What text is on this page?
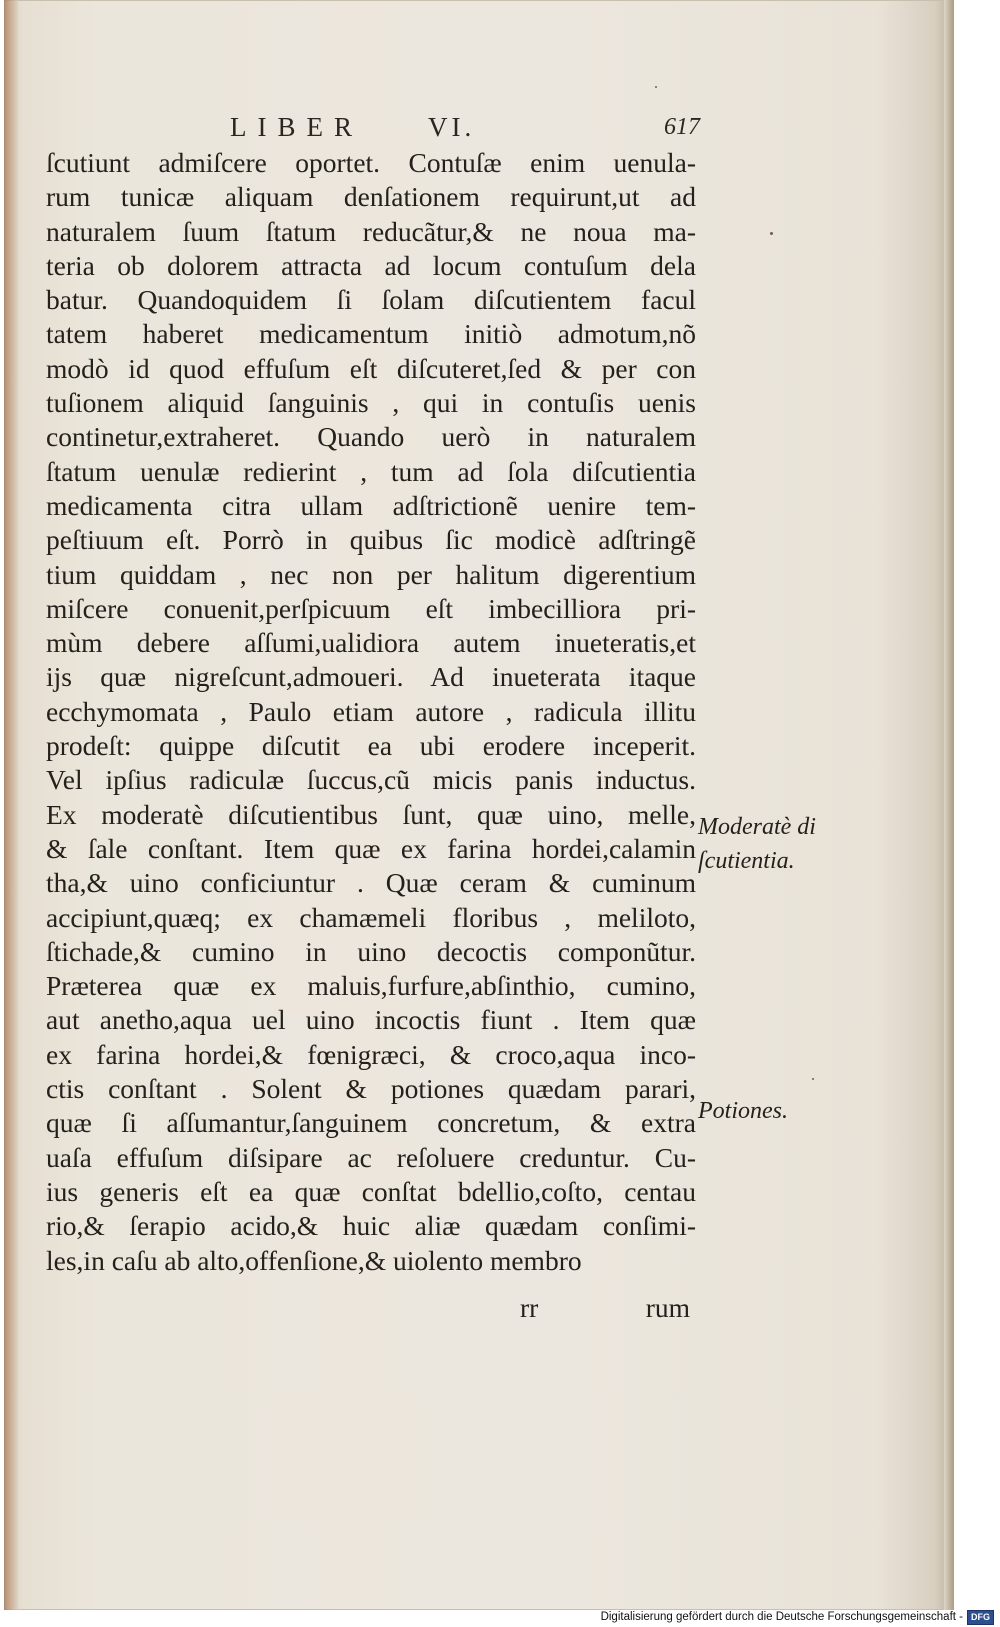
LIBER VI.	617
ſcutiunt admiſcere oportet. Contuſæ enim uenula-
rum tunicæ aliquam denſationem requirunt,ut ad
naturalem ſuum ſtatum reducãtur,& ne noua ma-
teria ob dolorem attracta ad locum contuſum dela
batur. Quandoquidem ſi ſolam diſcutientem facul
tatem haberet medicamentum initiò admotum,nõ
modò id quod effuſum eſt diſcuteret,ſed & per con
tuſionem aliquid ſanguinis , qui in contuſis uenis
continetur,extraheret. Quando uerò in naturalem
ſtatum uenulæ redierint , tum ad ſola diſcutientia
medicamenta citra ullam adſtrictionẽ uenire tem-
peſtiuum eſt. Porrò in quibus ſic modicè adſtringẽ
tium quiddam , nec non per halitum digerentium
miſcere conuenit,perſpicuum eſt imbecilliora pri-
mùm debere aſſumi,ualidiora autem inueteratis,et
ijs quæ nigreſcunt,admoueri. Ad inueterata itaque
ecchymomata , Paulo etiam autore , radicula illitu
prodeſt: quippe diſcutit ea ubi erodere inceperit.
Vel ipſius radiculæ ſuccus,cũ micis panis inductus.
Ex moderatè diſcutientibus ſunt, quæ uino, melle,
& ſale conſtant. Item quæ ex farina hordei,calamin
tha,& uino conficiuntur . Quæ ceram & cuminum
accipiunt,quæq; ex chamæmeli floribus , meliloto,
ſtichade,& cumino in uino decoctis componũtur.
Præterea quæ ex maluis,furfure,abſinthio, cumino,
aut anetho,aqua uel uino incoctis fiunt . Item quæ
ex farina hordei,& fœnigræci, & croco,aqua inco-
ctis conſtant . Solent & potiones quædam parari,
quæ ſi aſſumantur,ſanguinem concretum, & extra
uaſa effuſum diſsipare ac reſoluere creduntur. Cu-
ius generis eſt ea quæ conſtat bdellio,coſto, centau
rio,& ſerapio acido,& huic aliæ quædam conſimi-
les,in caſu ab alto,offenſione,& uiolento membro
rr	rum
Moderatè di
ſcutientia.
Potiones.
Digitalisierung gefördert durch die Deutsche Forschungsgemeinschaft - DFG
